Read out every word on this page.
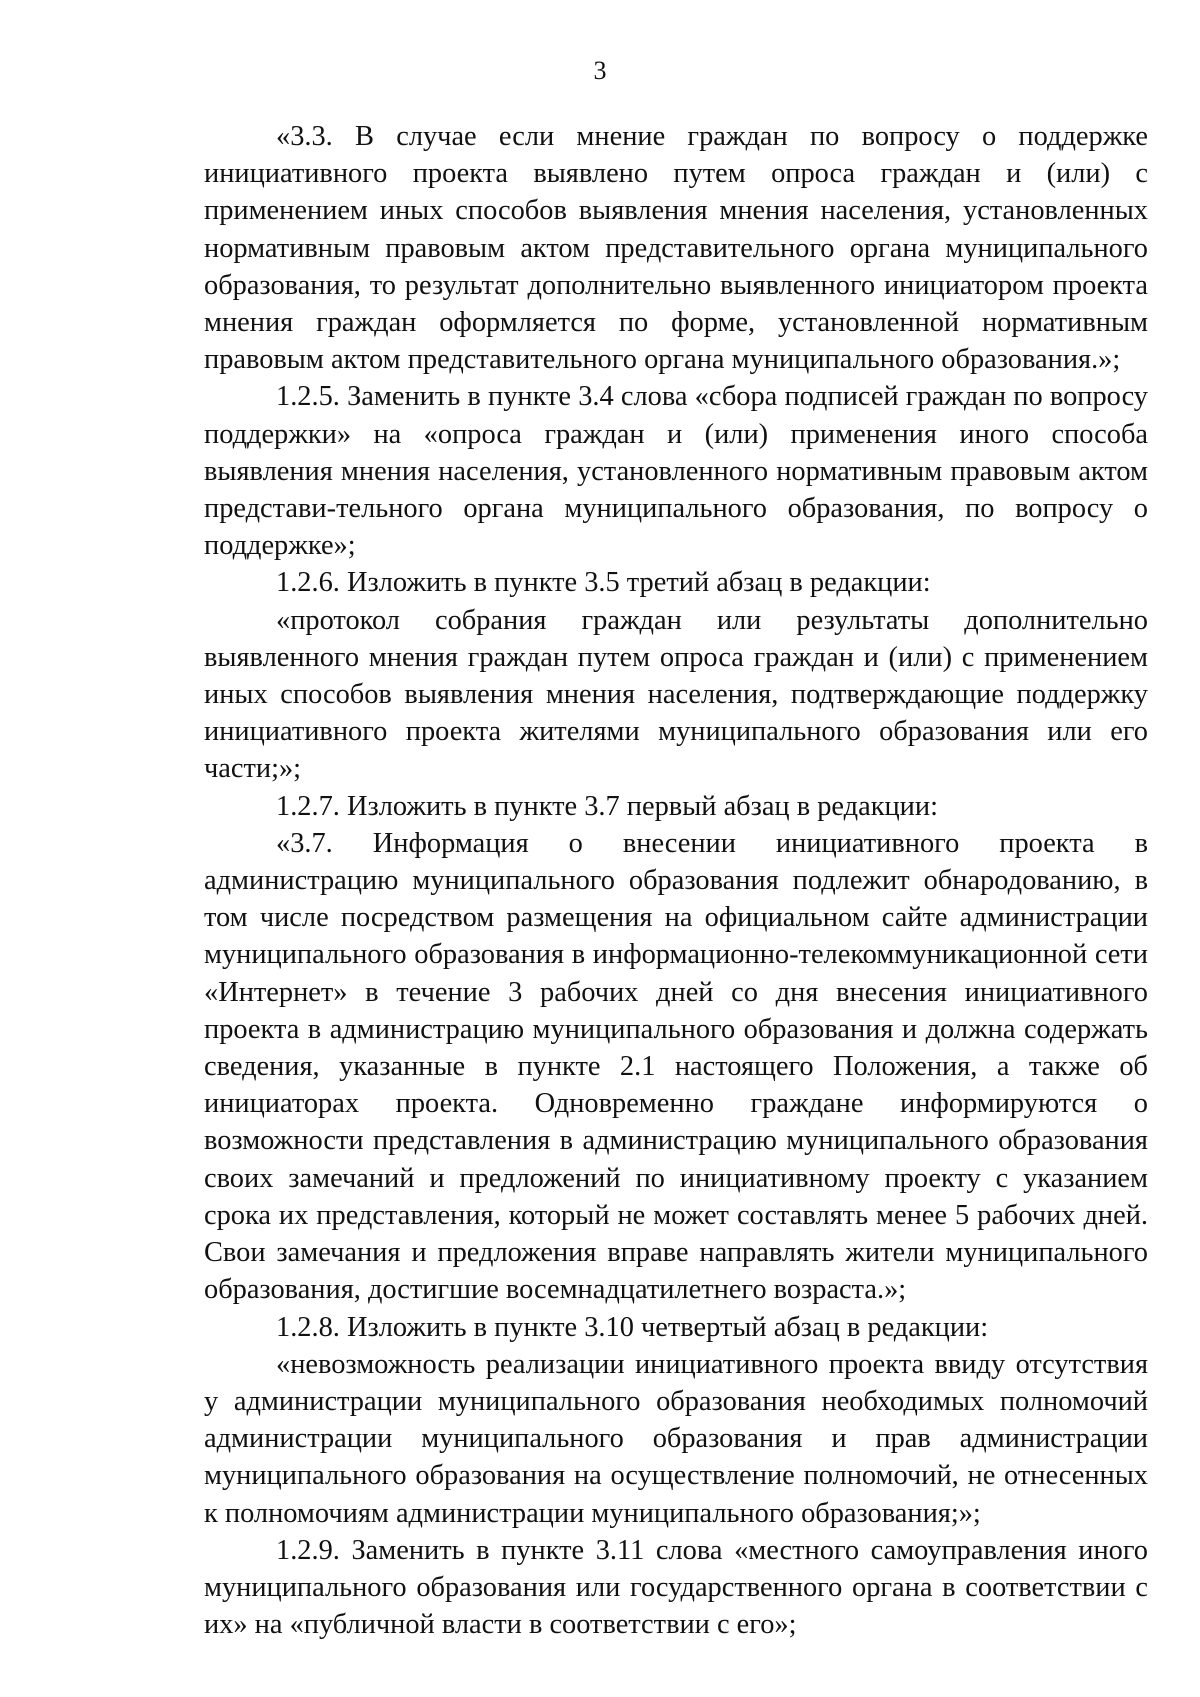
3

«3.3. В случае если мнение граждан по вопросу о поддержке инициативного проекта выявлено путем опроса граждан и (или) с применением иных способов выявления мнения населения, установленных нормативным правовым актом представительного органа муниципального образования, то результат дополнительно выявленного инициатором проекта мнения граждан оформляется по форме, установленной нормативным правовым актом представительного органа муниципального образования.»;

1.2.5. Заменить в пункте 3.4 слова «сбора подписей граждан по вопросу поддержки» на «опроса граждан и (или) применения иного способа выявления мнения населения, установленного нормативным правовым актом представи-тельного органа муниципального образования, по вопросу о поддержке»;

1.2.6. Изложить в пункте 3.5 третий абзац в редакции:

«протокол собрания граждан или результаты дополнительно выявленного мнения граждан путем опроса граждан и (или) с применением иных способов выявления мнения населения, подтверждающие поддержку инициативного проекта жителями муниципального образования или его части;»;

1.2.7. Изложить в пункте 3.7 первый абзац в редакции:

«3.7. Информация о внесении инициативного проекта в администрацию муниципального образования подлежит обнародованию, в том числе посредством размещения на официальном сайте администрации муниципального образования в информационно-телекоммуникационной сети «Интернет» в течение 3 рабочих дней со дня внесения инициативного проекта в администрацию муниципального образования и должна содержать сведения, указанные в пункте 2.1 настоящего Положения, а также об инициаторах проекта. Одновременно граждане информируются о возможности представления в администрацию муниципального образования своих замечаний и предложений по инициативному проекту с указанием срока их представления, который не может составлять менее 5 рабочих дней. Свои замечания и предложения вправе направлять жители муниципального образования, достигшие восемнадцатилетнего возраста.»;

1.2.8. Изложить в пункте 3.10 четвертый абзац в редакции:

«невозможность реализации инициативного проекта ввиду отсутствия у администрации муниципального образования необходимых полномочий администрации муниципального образования и прав администрации муниципального образования на осуществление полномочий, не отнесенных к полномочиям администрации муниципального образования;»;

1.2.9. Заменить в пункте 3.11 слова «местного самоуправления иного муниципального образования или государственного органа в соответствии с их» на «публичной власти в соответствии с его»;
